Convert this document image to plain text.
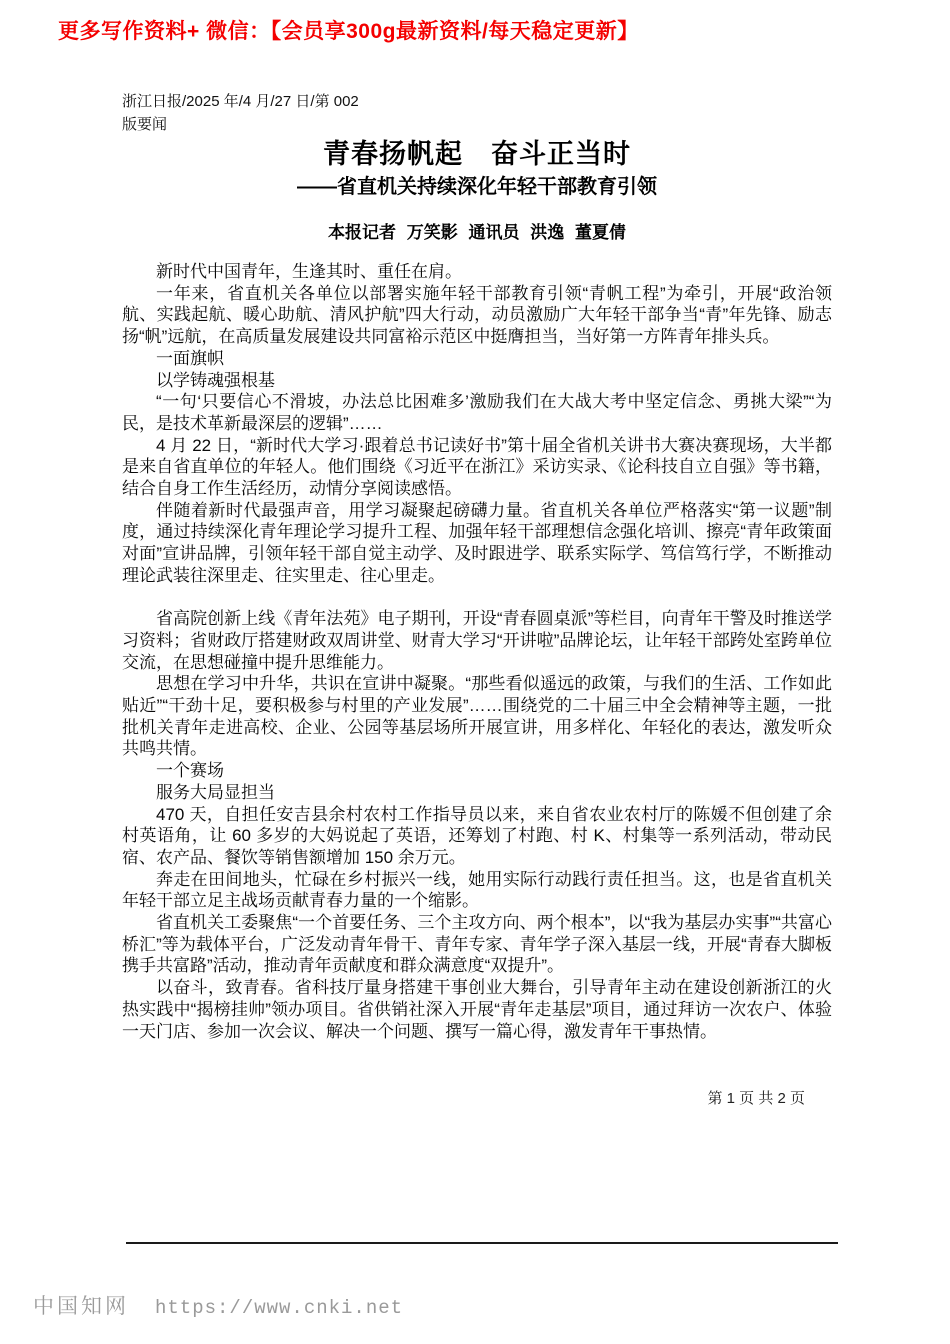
更多写作资料+ 微信：【会员享300g最新资料/每天稳定更新】
浙江日报/2025 年/4 月/27 日/第 002
版要闻
青春扬帆起　奋斗正当时
——省直机关持续深化年轻干部教育引领
本报记者 万笑影 通讯员 洪逸 董夏倩

新时代中国青年，生逢其时、重任在肩。

一年来，省直机关各单位以部署实施年轻干部教育引领“青帆工程”为牵引，开展“政治领航、实践起航、暖心助航、清风护航”四大行动，动员激励广大年轻干部争当“青”年先锋、励志扬“帆”远航，在高质量发展建设共同富裕示范区中挺膺担当，当好第一方阵青年排头兵。

一面旗帜

以学铸魂强根基

“一句‘只要信心不滑坡，办法总比困难多’激励我们在大战大考中坚定信念、勇挑大梁”“为民，是技术革新最深层的逻辑”……

4 月 22 日，“新时代大学习·跟着总书记读好书”第十届全省机关讲书大赛决赛现场，大半都是来自省直单位的年轻人。他们围绕《习近平在浙江》采访实录、《论科技自立自强》等书籍，结合自身工作生活经历，动情分享阅读感悟。

伴随着新时代最强声音，用学习凝聚起磅礴力量。省直机关各单位严格落实“第一议题”制度，通过持续深化青年理论学习提升工程、加强年轻干部理想信念强化培训、擦亮“青年政策面对面”宣讲品牌，引领年轻干部自觉主动学、及时跟进学、联系实际学、笃信笃行学，不断推动理论武装往深里走、往实里走、往心里走。

省高院创新上线《青年法苑》电子期刊，开设“青春圆桌派”等栏目，向青年干警及时推送学习资料；省财政厅搭建财政双周讲堂、财青大学习“开讲啦”品牌论坛，让年轻干部跨处室跨单位交流，在思想碰撞中提升思维能力。

思想在学习中升华，共识在宣讲中凝聚。“那些看似遥远的政策，与我们的生活、工作如此贴近”“干劲十足，要积极参与村里的产业发展”……围绕党的二十届三中全会精神等主题，一批批机关青年走进高校、企业、公园等基层场所开展宣讲，用多样化、年轻化的表达，激发听众共鸣共情。

一个赛场

服务大局显担当

470 天，自担任安吉县余村农村工作指导员以来，来自省农业农村厅的陈媛不但创建了余村英语角，让 60 多岁的大妈说起了英语，还筹划了村跑、村 K、村集等一系列活动，带动民宿、农产品、餐饮等销售额增加 150 余万元。

奔走在田间地头，忙碌在乡村振兴一线，她用实际行动践行责任担当。这，也是省直机关年轻干部立足主战场贡献青春力量的一个缩影。

省直机关工委聚焦“一个首要任务、三个主攻方向、两个根本”，以“我为基层办实事”“共富心桥汇”等为载体平台，广泛发动青年骨干、青年专家、青年学子深入基层一线，开展“青春大脚板携手共富路”活动，推动青年贡献度和群众满意度“双提升”。

以奋斗，致青春。省科技厅量身搭建干事创业大舞台，引导青年主动在建设创新浙江的火热实践中“揭榜挂帅”领办项目。省供销社深入开展“青年走基层”项目，通过拜访一次农户、体验一天门店、参加一次会议、解决一个问题、撰写一篇心得，激发青年干事热情。

第 1 页 共 2 页
中国知网 https://www.cnki.net
